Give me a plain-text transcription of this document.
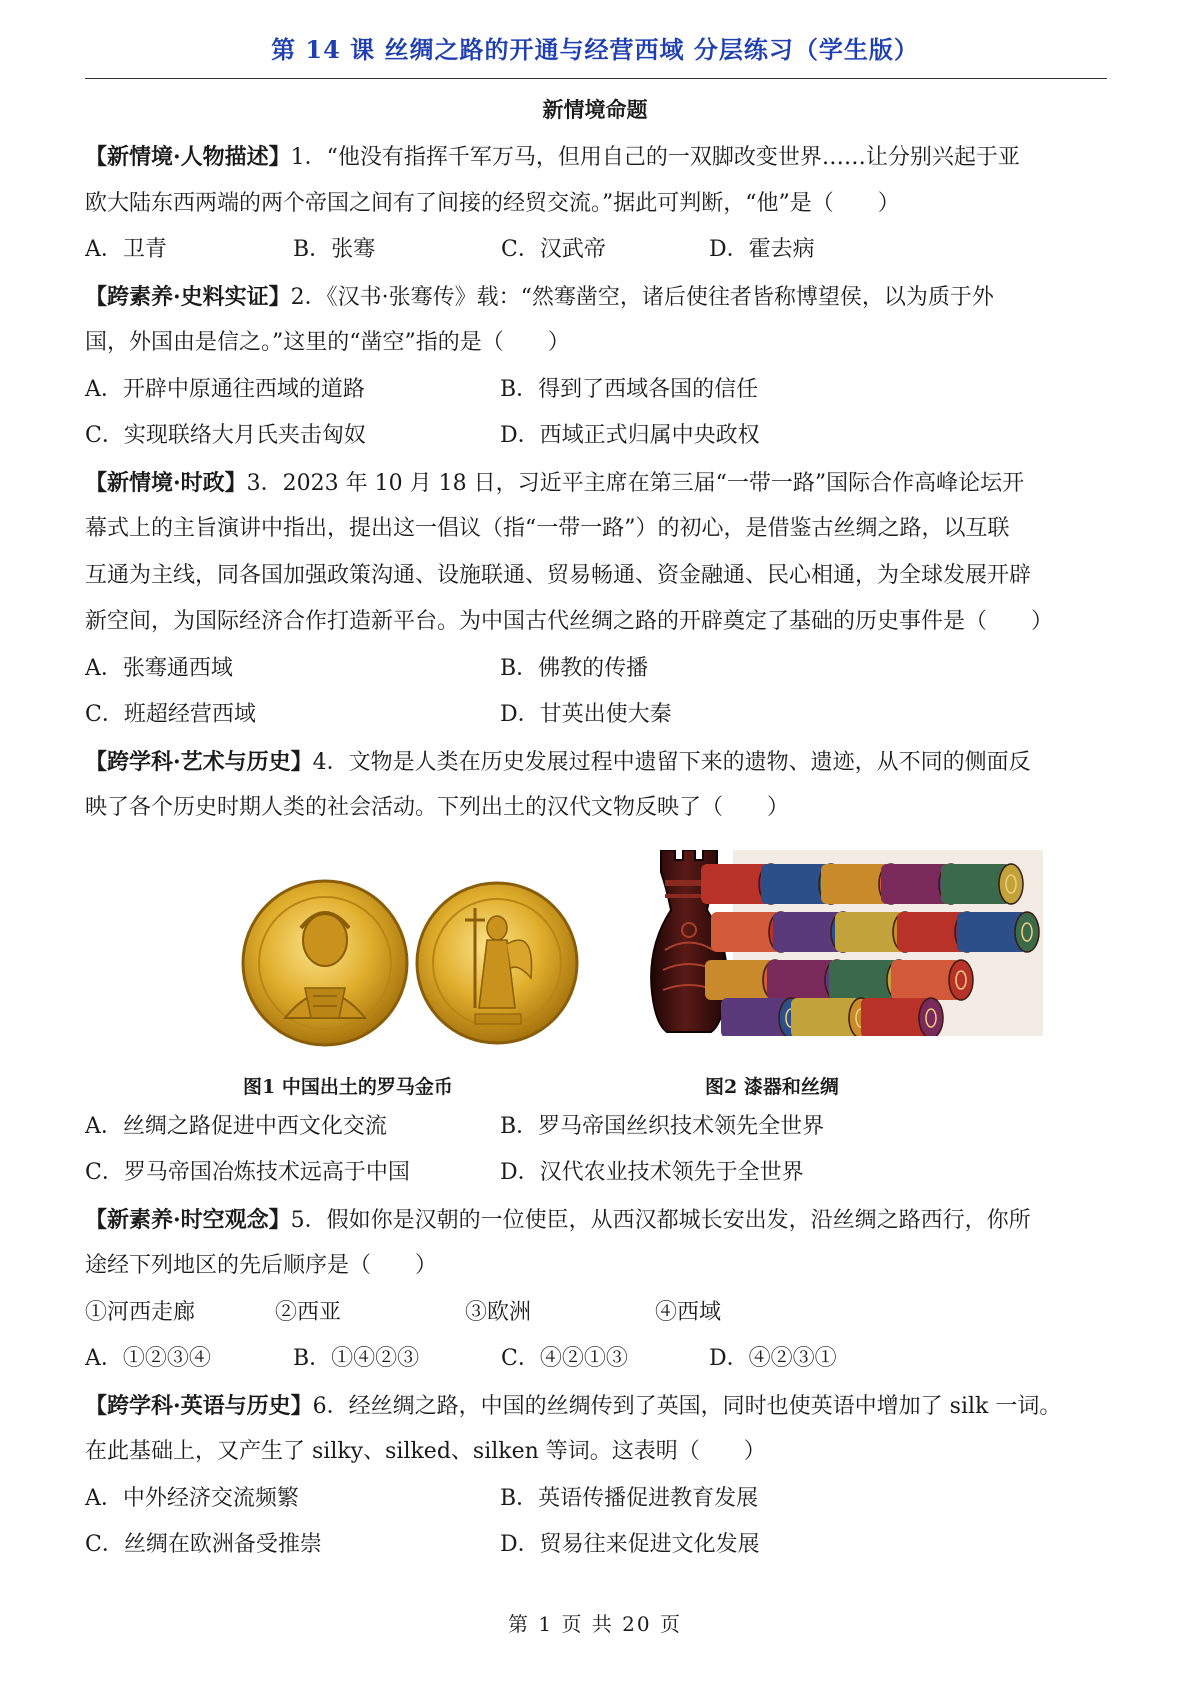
第 14 课 丝绸之路的开通与经营西域 分层练习（学生版）
新情境命题
【新情境·人物描述】1．“他没有指挥千军万马，但用自己的一双脚改变世界……让分别兴起于亚
欧大陆东西两端的两个帝国之间有了间接的经贸交流。”据此可判断，“他”是（　　）
A．卫青	B．张骞	C．汉武帝	D．霍去病
【跨素养·史料实证】2．《汉书·张骞传》载：“然骞凿空，诸后使往者皆称博望侯，以为质于外
国，外国由是信之。”这里的“凿空”指的是（　　）
A．开辟中原通往西域的道路	B．得到了西域各国的信任
C．实现联络大月氏夹击匈奴	D．西域正式归属中央政权
【新情境·时政】3．2023 年 10 月 18 日，习近平主席在第三届“一带一路”国际合作高峰论坛开
幕式上的主旨演讲中指出，提出这一倡议（指“一带一路”）的初心，是借鉴古丝绸之路，以互联
互通为主线，同各国加强政策沟通、设施联通、贸易畅通、资金融通、民心相通，为全球发展开辟
新空间，为国际经济合作打造新平台。为中国古代丝绸之路的开辟奠定了基础的历史事件是（　　）
A．张骞通西域	B．佛教的传播
C．班超经营西域	D．甘英出使大秦
【跨学科·艺术与历史】4．文物是人类在历史发展过程中遗留下来的遗物、遗迹，从不同的侧面反
映了各个历史时期人类的社会活动。下列出土的汉代文物反映了（　　）
图1 中国出土的罗马金币	图2 漆器和丝绸
A．丝绸之路促进中西文化交流	B．罗马帝国丝织技术领先全世界
C．罗马帝国冶炼技术远高于中国	D．汉代农业技术领先于全世界
【新素养·时空观念】5．假如你是汉朝的一位使臣，从西汉都城长安出发，沿丝绸之路西行，你所
途经下列地区的先后顺序是（　　）
①河西走廊	②西亚	③欧洲	④西域
A．①②③④	B．①④②③	C．④②①③	D．④②③①
【跨学科·英语与历史】6．经丝绸之路，中国的丝绸传到了英国，同时也使英语中增加了 silk 一词。
在此基础上，又产生了 silky、silked、silken 等词。这表明（　　）
A．中外经济交流频繁	B．英语传播促进教育发展
C．丝绸在欧洲备受推崇	D．贸易往来促进文化发展
第 1 页 共 20 页
